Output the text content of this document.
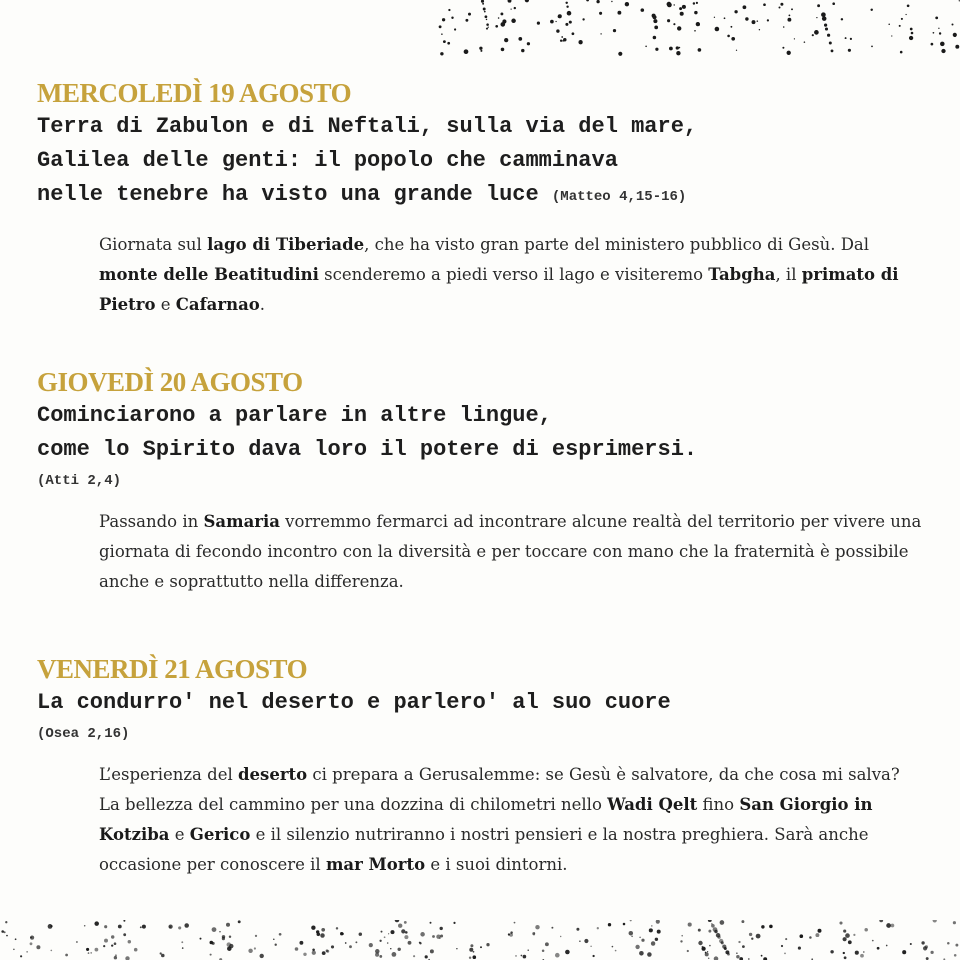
MERCOLEDÌ 19 AGOSTO
Terra di Zabulon e di Neftali, sulla via del mare,
Galilea delle genti: il popolo che camminava
nelle tenebre ha visto una grande luce (Matteo 4,15-16)

Giornata sul lago di Tiberiade, che ha visto gran parte del ministero pubblico di Gesù. Dal monte delle Beatitudini scenderemo a piedi verso il lago e visiteremo Tabgha, il primato di Pietro e Cafarnao.

GIOVEDÌ 20 AGOSTO
Cominciarono a parlare in altre lingue,
come lo Spirito dava loro il potere di esprimersi.
(Atti 2,4)

Passando in Samaria vorremmo fermarci ad incontrare alcune realtà del territorio per vivere una giornata di fecondo incontro con la diversità e per toccare con mano che la fraternità è possibile anche e soprattutto nella differenza.

VENERDÌ 21 AGOSTO
La condurro' nel deserto e parlero' al suo cuore
(Osea 2,16)

L’esperienza del deserto ci prepara a Gerusalemme: se Gesù è salvatore, da che cosa mi salva? La bellezza del cammino per una dozzina di chilometri nello Wadi Qelt fino San Giorgio in Kotziba e Gerico e il silenzio nutriranno i nostri pensieri e la nostra preghiera. Sarà anche occasione per conoscere il mar Morto e i suoi dintorni.
